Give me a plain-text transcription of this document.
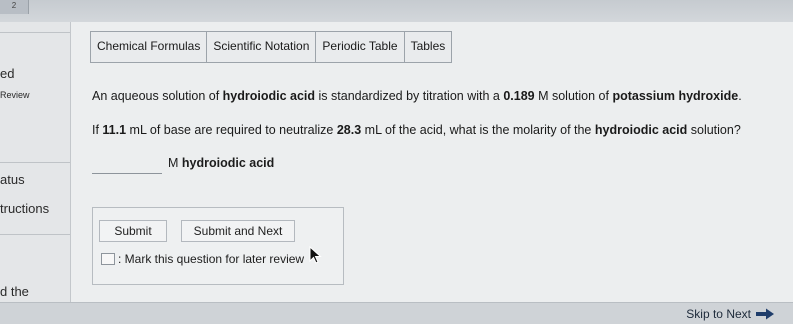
2
ed
Review
atus
tructions
d the
Chemical Formulas	Scientific Notation	Periodic Table	Tables
An aqueous solution of hydroiodic acid is standardized by titration with a 0.189 M solution of potassium hydroxide.
If 11.1 mL of base are required to neutralize 28.3 mL of the acid, what is the molarity of the hydroiodic acid solution?
M hydroiodic acid
Submit	Submit and Next
: Mark this question for later review
Skip to Next
